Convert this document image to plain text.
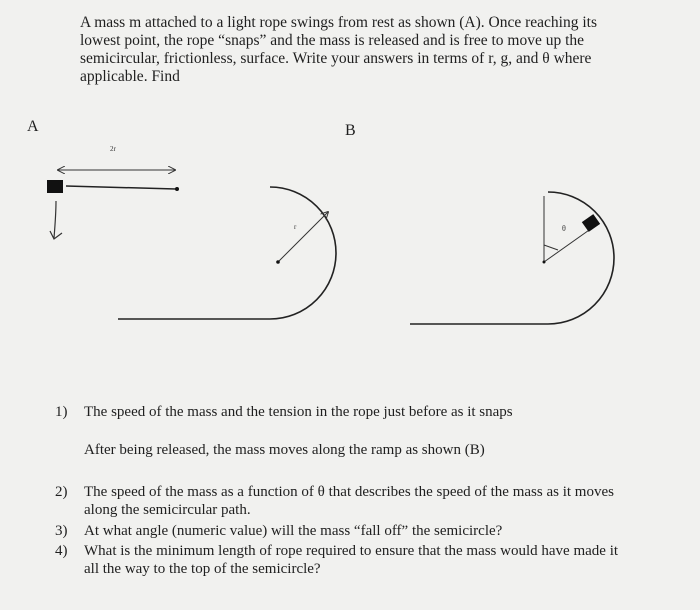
A mass m attached to a light rope swings from rest as shown (A). Once reaching its
lowest point, the rope “snaps” and the mass is released and is free to move up the
semicircular, frictionless, surface. Write your answers in terms of r, g, and θ where
applicable. Find
A	B
2r
r	θ
1) The speed of the mass and the tension in the rope just before as it snaps
After being released, the mass moves along the ramp as shown (B)
2) The speed of the mass as a function of θ that describes the speed of the mass as it moves
along the semicircular path.
3) At what angle (numeric value) will the mass “fall off” the semicircle?
4) What is the minimum length of rope required to ensure that the mass would have made it
all the way to the top of the semicircle?
